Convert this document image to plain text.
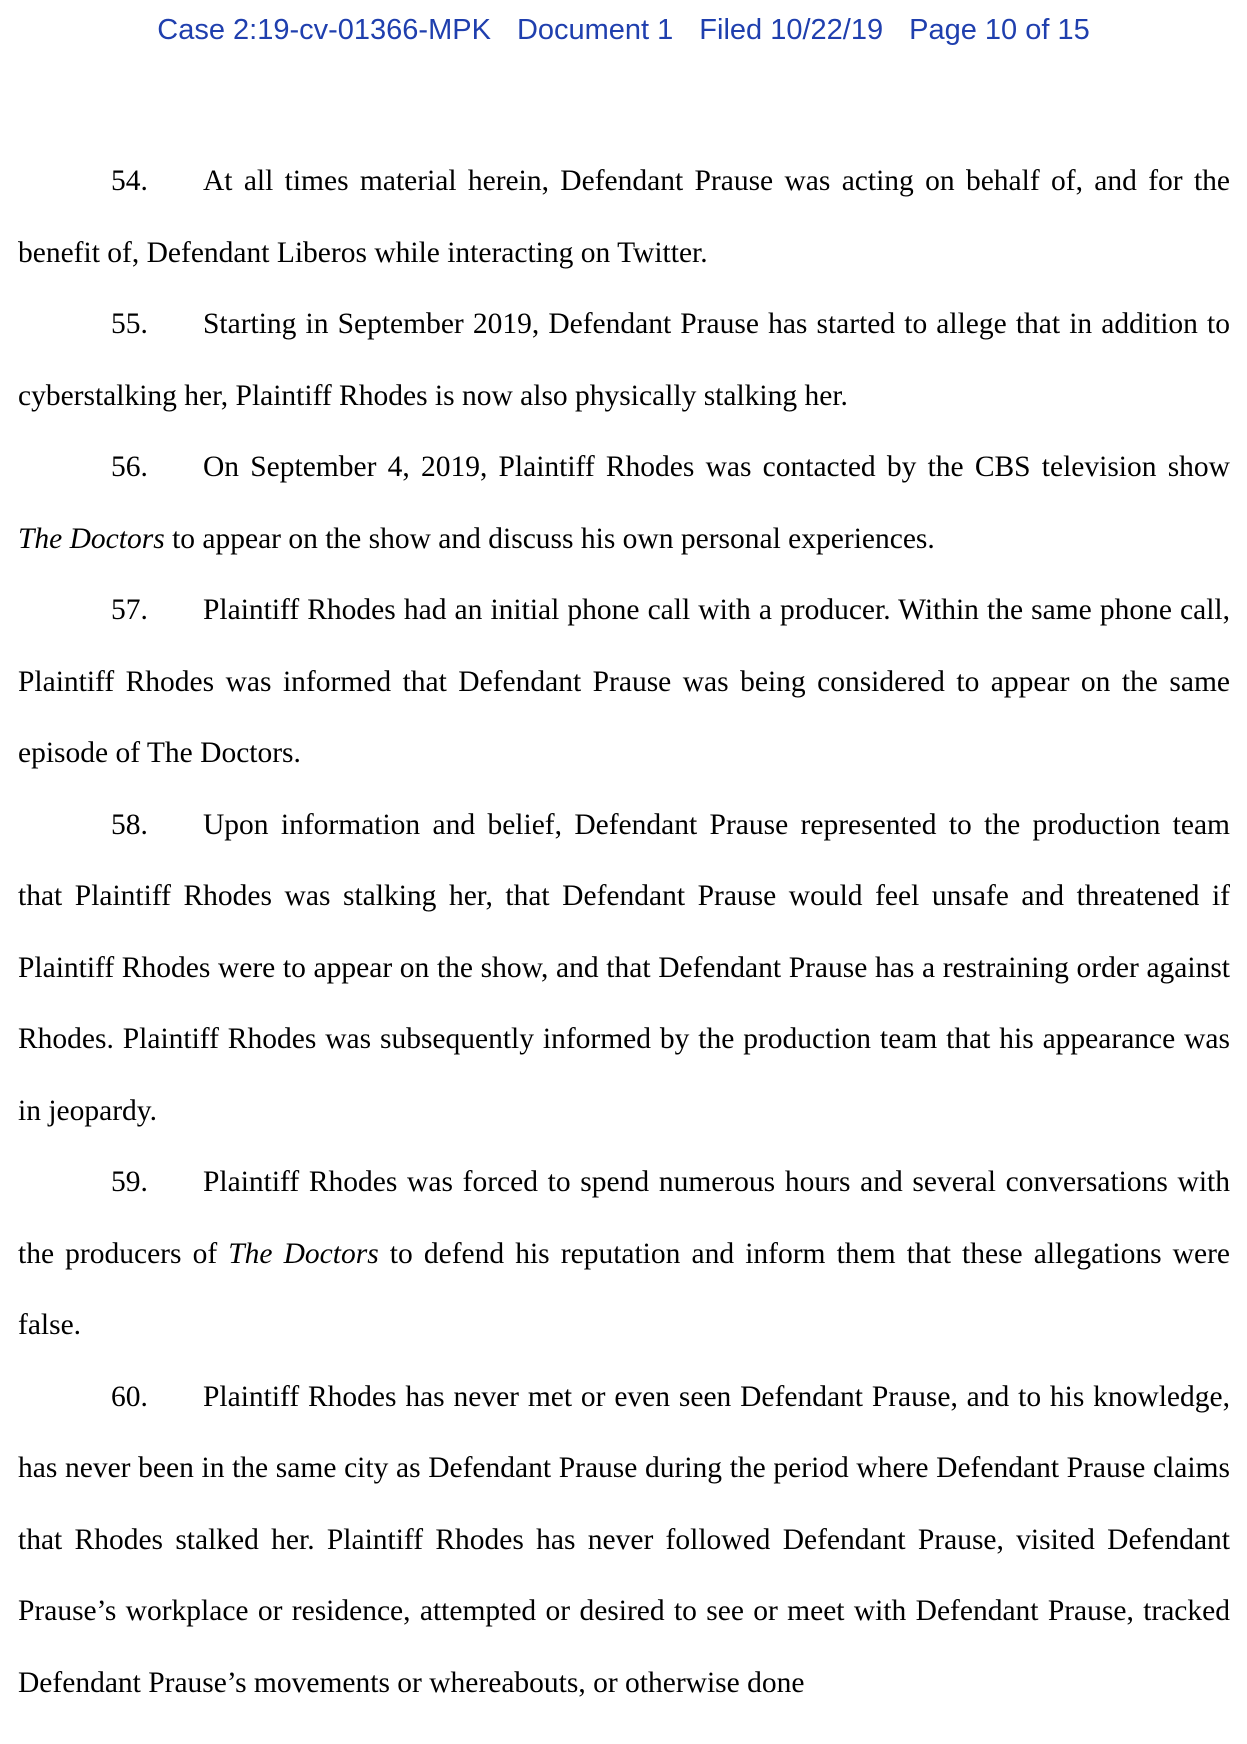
Case 2:19-cv-01366-MPK Document 1 Filed 10/22/19 Page 10 of 15

54. At all times material herein, Defendant Prause was acting on behalf of, and for the benefit of, Defendant Liberos while interacting on Twitter.

55. Starting in September 2019, Defendant Prause has started to allege that in addition to cyberstalking her, Plaintiff Rhodes is now also physically stalking her.

56. On September 4, 2019, Plaintiff Rhodes was contacted by the CBS television show The Doctors to appear on the show and discuss his own personal experiences.

57. Plaintiff Rhodes had an initial phone call with a producer. Within the same phone call, Plaintiff Rhodes was informed that Defendant Prause was being considered to appear on the same episode of The Doctors.

58. Upon information and belief, Defendant Prause represented to the production team that Plaintiff Rhodes was stalking her, that Defendant Prause would feel unsafe and threatened if Plaintiff Rhodes were to appear on the show, and that Defendant Prause has a restraining order against Rhodes. Plaintiff Rhodes was subsequently informed by the production team that his appearance was in jeopardy.

59. Plaintiff Rhodes was forced to spend numerous hours and several conversations with the producers of The Doctors to defend his reputation and inform them that these allegations were false.

60. Plaintiff Rhodes has never met or even seen Defendant Prause, and to his knowledge, has never been in the same city as Defendant Prause during the period where Defendant Prause claims that Rhodes stalked her. Plaintiff Rhodes has never followed Defendant Prause, visited Defendant Prause’s workplace or residence, attempted or desired to see or meet with Defendant Prause, tracked Defendant Prause’s movements or whereabouts, or otherwise done
